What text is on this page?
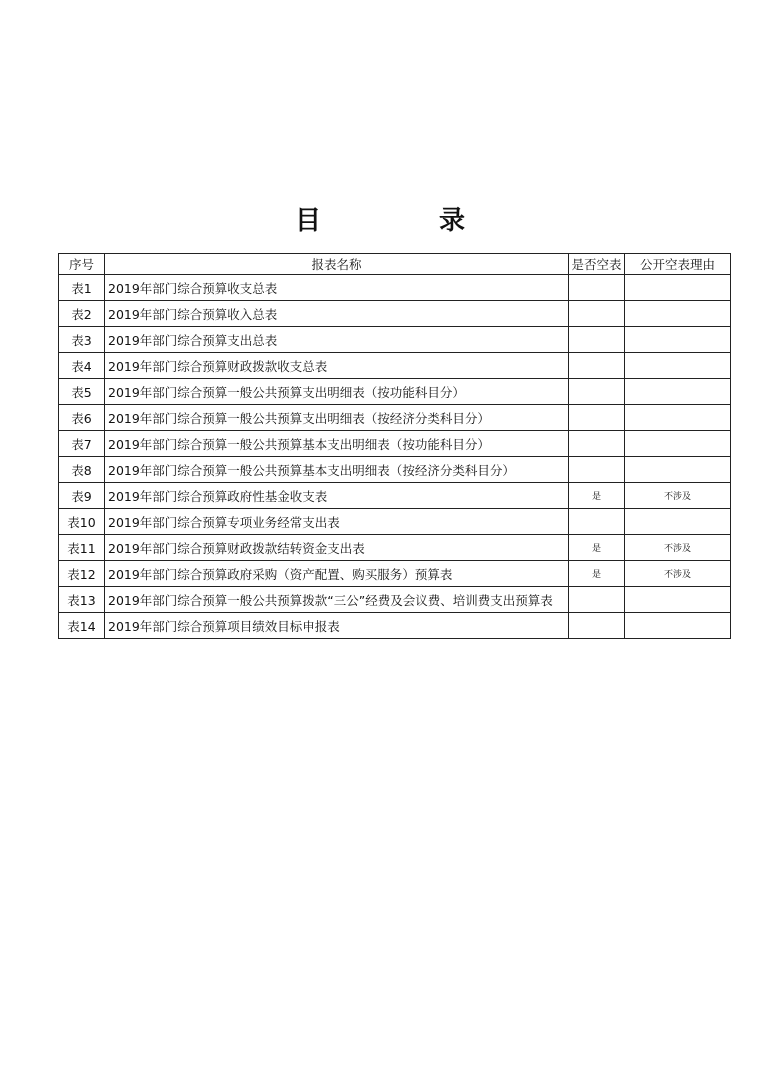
目	录
序号	报表名称	是否空表	公开空表理由
表1	2019年部门综合预算收支总表		
表2	2019年部门综合预算收入总表		
表3	2019年部门综合预算支出总表		
表4	2019年部门综合预算财政拨款收支总表		
表5	2019年部门综合预算一般公共预算支出明细表（按功能科目分）		
表6	2019年部门综合预算一般公共预算支出明细表（按经济分类科目分）		
表7	2019年部门综合预算一般公共预算基本支出明细表（按功能科目分）		
表8	2019年部门综合预算一般公共预算基本支出明细表（按经济分类科目分）		
表9	2019年部门综合预算政府性基金收支表	是	不涉及
表10	2019年部门综合预算专项业务经常支出表		
表11	2019年部门综合预算财政拨款结转资金支出表	是	不涉及
表12	2019年部门综合预算政府采购（资产配置、购买服务）预算表	是	不涉及
表13	2019年部门综合预算一般公共预算拨款“三公”经费及会议费、培训费支出预算表		
表14	2019年部门综合预算项目绩效目标申报表		
